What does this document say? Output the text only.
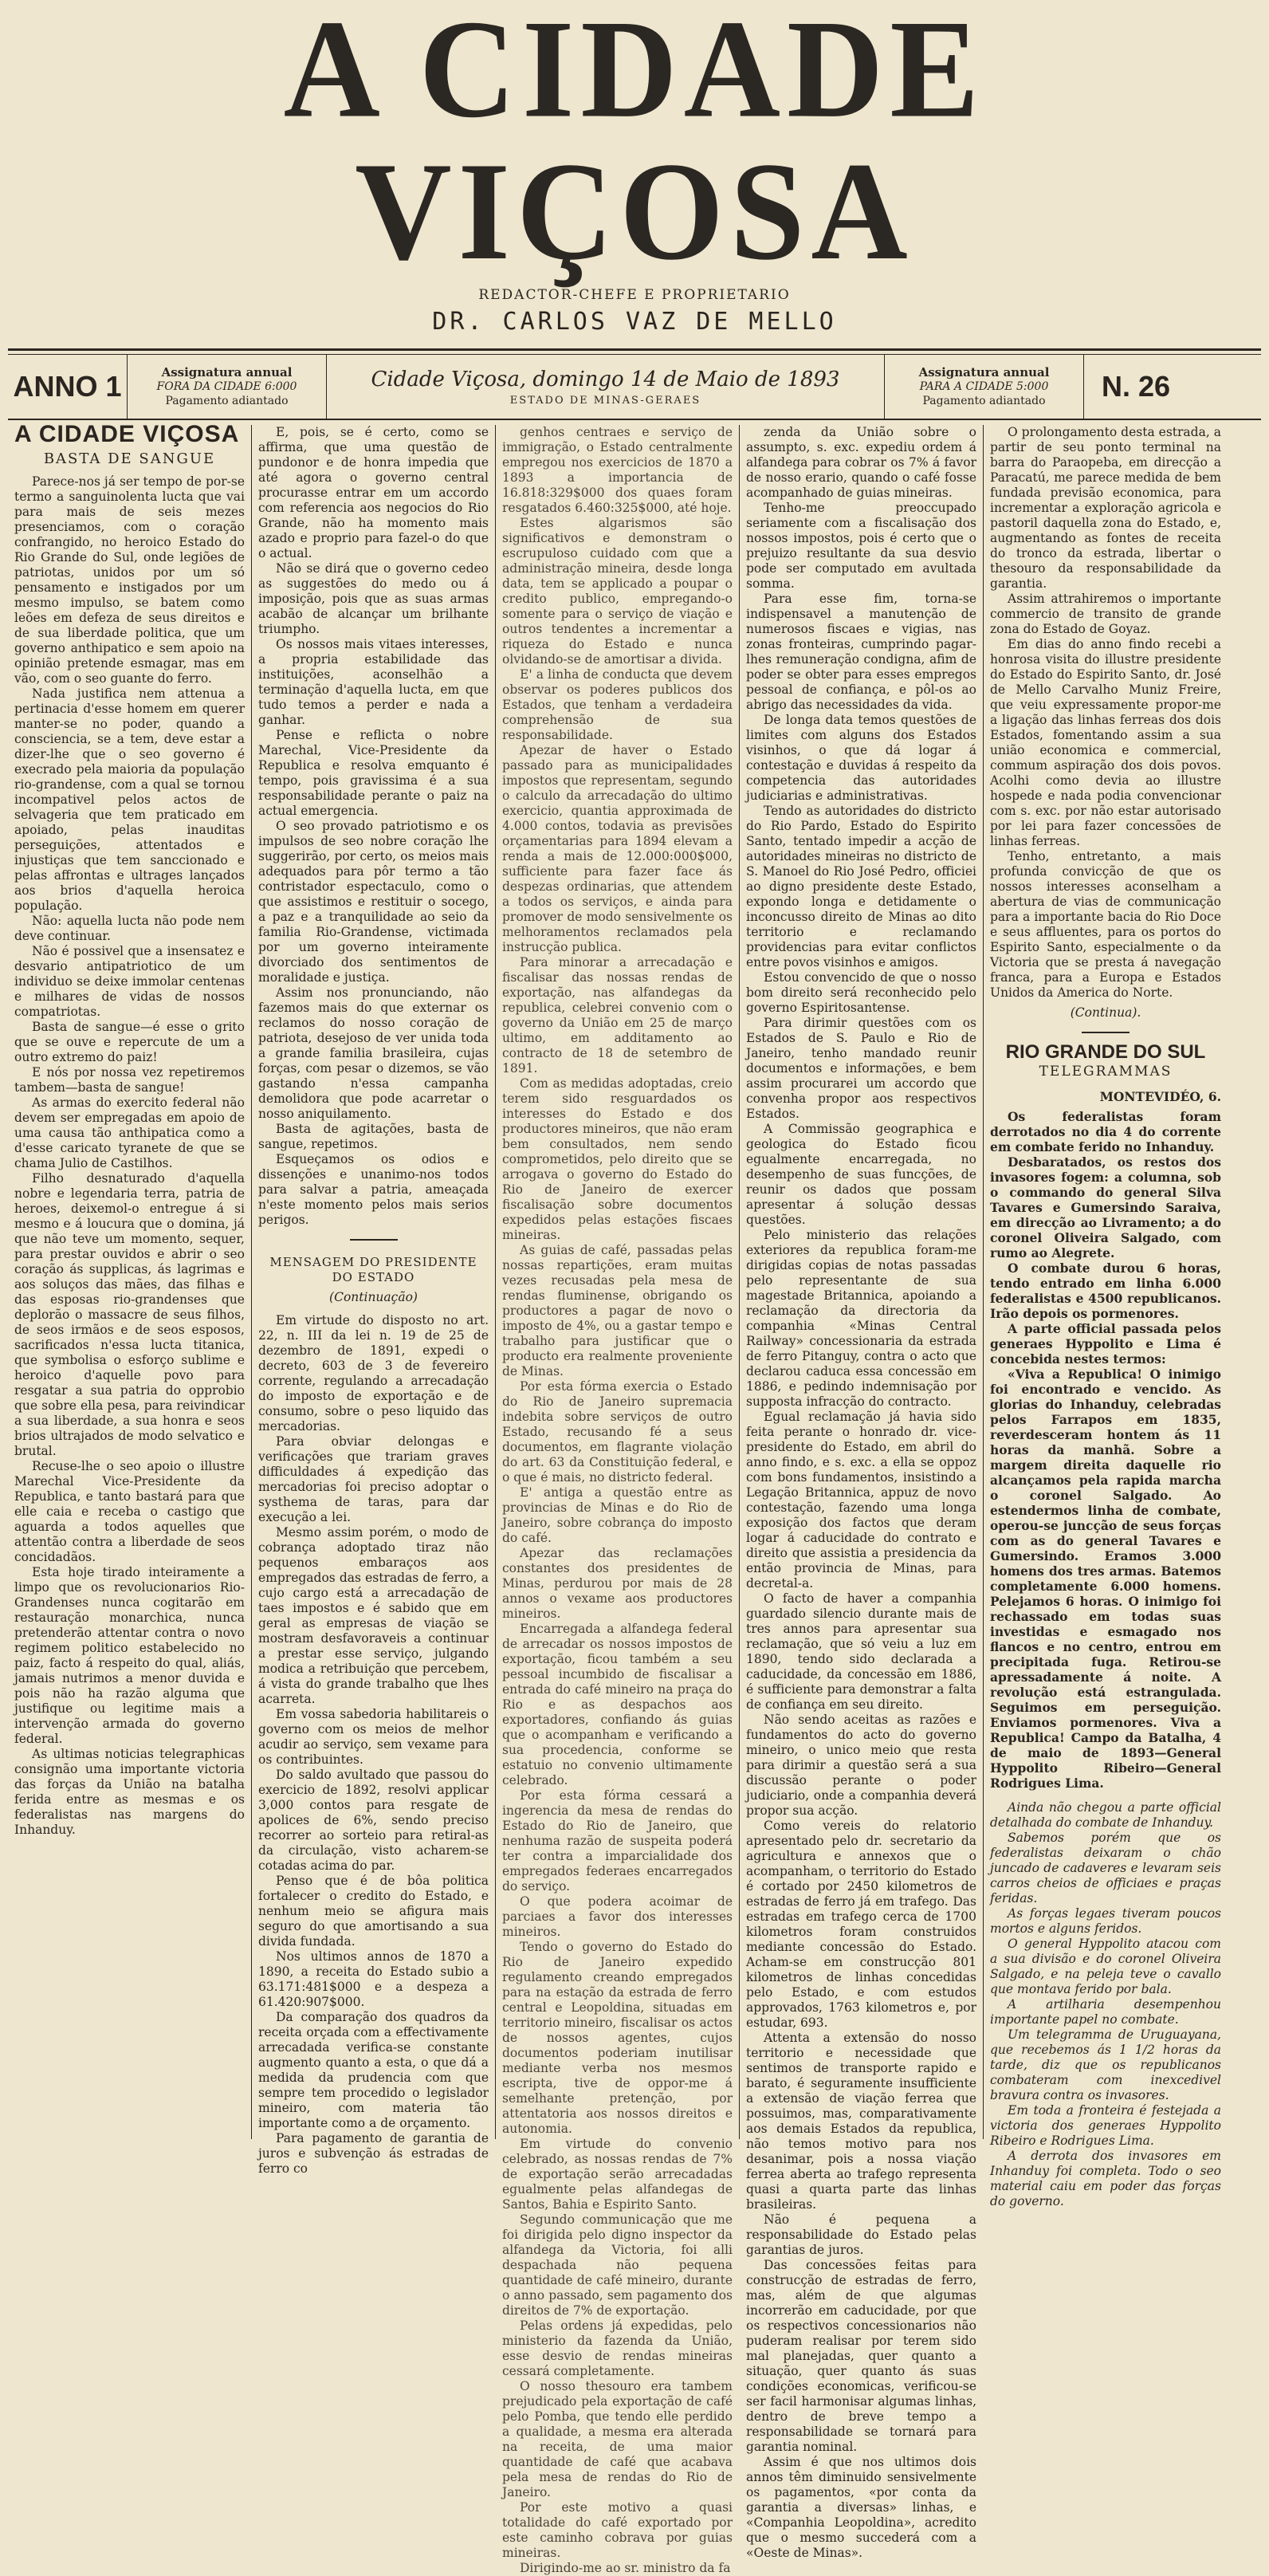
A CIDADE VIÇOSA
REDACTOR-CHEFE E PROPRIETARIO
DR. CARLOS VAZ DE MELLO
ANNO 1	Assignatura annual
FORA DA CIDADE 6:000
Pagamento adiantado
Cidade Viçosa, domingo 14 de Maio de 1893
ESTADO DE MINAS-GERAES
Assignatura annual
PARA A CIDADE 5:000
Pagamento adiantado	N. 26
A CIDADE VIÇOSA
BASTA DE SANGUE

Parece-nos já ser tempo de por-se termo a sanguinolenta lucta que vai para mais de seis mezes presenciamos, com o coração confrangido, no heroico Estado do Rio Grande do Sul, onde legiões de patriotas, unidos por um só pensamento e instigados por um mesmo impulso, se batem como leões em defeza de seus direitos e de sua liberdade politica, que um governo anthipatico e sem apoio na opinião pretende esmagar, mas em vão, com o seo guante do ferro.

Nada justifica nem attenua a pertinacia d'esse homem em querer manter-se no poder, quando a consciencia, se a tem, deve estar a dizer-lhe que o seo governo é execrado pela maioria da população rio-grandense, com a qual se tornou incompativel pelos actos de selvageria que tem praticado em apoiado, pelas inauditas perseguições, attentados e injustiças que tem sanccionado e pelas affrontas e ultrages lançados aos brios d'aquella heroica população.

Não: aquella lucta não pode nem deve continuar.

Não é possivel que a insensatez e desvario antipatriotico de um individuo se deixe immolar centenas e milhares de vidas de nossos compatriotas.

Basta de sangue—é esse o grito que se ouve e repercute de um a outro extremo do paiz!

E nós por nossa vez repetiremos tambem—basta de sangue!

As armas do exercito federal não devem ser empregadas em apoio de uma causa tão anthipatica como a d'esse caricato tyranete de que se chama Julio de Castilhos.

Filho desnaturado d'aquella nobre e legendaria terra, patria de heroes, deixemol-o entregue á si mesmo e á loucura que o domina, já que não teve um momento, sequer, para prestar ouvidos e abrir o seo coração ás supplicas, ás lagrimas e aos soluços das mães, das filhas e das esposas rio-grandenses que deplorão o massacre de seus filhos, de seos irmãos e de seos esposos, sacrificados n'essa lucta titanica, que symbolisa o esforço sublime e heroico d'aquelle povo para resgatar a sua patria do opprobio que sobre ella pesa, para reivindicar a sua liberdade, a sua honra e seos brios ultrajados de modo selvatico e brutal.

Recuse-lhe o seo apoio o illustre Marechal Vice-Presidente da Republica, e tanto bastará para que elle caia e receba o castigo que aguarda a todos aquelles que attentão contra a liberdade de seos concidadãos.

Esta hoje tirado inteiramente a limpo que os revolucionarios Rio-Grandenses nunca cogitarão em restauração monarchica, nunca pretenderão attentar contra o novo regimem politico estabelecido no paiz, facto á respeito do qual, aliás, jamais nutrimos a menor duvida e pois não ha razão alguma que justifique ou legitime mais a intervenção armada do governo federal.

As ultimas noticias telegraphicas consignão uma importante victoria das forças da União na batalha ferida entre as mesmas e os federalistas nas margens do Inhanduy.

E, pois, se é certo, como se affirma, que uma questão de pundonor e de honra impedia que até agora o governo central procurasse entrar em um accordo com referencia aos negocios do Rio Grande, não ha momento mais azado e proprio para fazel-o do que o actual.

Não se dirá que o governo cedeo as suggestões do medo ou á imposição, pois que as suas armas acabão de alcançar um brilhante triumpho.

Os nossos mais vitaes interesses, a propria estabilidade das instituições, aconselhão a terminação d'aquella lucta, em que tudo temos a perder e nada a ganhar.

Pense e reflicta o nobre Marechal, Vice-Presidente da Republica e resolva emquanto é tempo, pois gravissima é a sua responsabilidade perante o paiz na actual emergencia.

O seo provado patriotismo e os impulsos de seo nobre coração lhe suggerirão, por certo, os meios mais adequados para pôr termo a tão contristador espectaculo, como o que assistimos e restituir o socego, a paz e a tranquilidade ao seio da familia Rio-Grandense, victimada por um governo inteiramente divorciado dos sentimentos de moralidade e justiça.

Assim nos pronunciando, não fazemos mais do que externar os reclamos do nosso coração de patriota, desejoso de ver unida toda a grande familia brasileira, cujas forças, com pesar o dizemos, se vão gastando n'essa campanha demolidora que pode acarretar o nosso aniquilamento.

Basta de agitações, basta de sangue, repetimos.

Esqueçamos os odios e dissenções e unanimo-nos todos para salvar a patria, ameaçada n'este momento pelos mais serios perigos.

MENSAGEM DO PRESIDENTE DO ESTADO
(Continuação)

Em virtude do disposto no art. 22, n. III da lei n. 19 de 25 de dezembro de 1891, expedi o decreto, 603 de 3 de fevereiro corrente, regulando a arrecadação do imposto de exportação e de consumo, sobre o peso liquido das mercadorias.

Para obviar delongas e verificações que trariam graves difficuldades á expedição das mercadorias foi preciso adoptar o systhema de taras, para dar execução a lei.

Mesmo assim porém, o modo de cobrança adoptado tiraz não pequenos embaraços aos empregados das estradas de ferro, a cujo cargo está a arrecadação de taes impostos e é sabido que em geral as empresas de viação se mostram desfavoraveis a continuar a prestar esse serviço, julgando modica a retribuição que percebem, á vista do grande trabalho que lhes acarreta.

Em vossa sabedoria habilitareis o governo com os meios de melhor acudir ao serviço, sem vexame para os contribuintes.

Do saldo avultado que passou do exercicio de 1892, resolvi applicar 3,000 contos para resgate de apolices de 6%, sendo preciso recorrer ao sorteio para retiral-as da circulação, visto acharem-se cotadas acima do par.

Penso que é de bôa politica fortalecer o credito do Estado, e nenhum meio se afigura mais seguro do que amortisando a sua divida fundada.

Nos ultimos annos de 1870 a 1890, a receita do Estado subio a 63.171:481$000 e a despeza a 61.420:907$000.

Da comparação dos quadros da receita orçada com a effectivamente arrecadada verifica-se constante augmento quanto a esta, o que dá a medida da prudencia com que sempre tem procedido o legislador mineiro, com materia tão importante como a de orçamento.

Para pagamento de garantia de juros e subvenção ás estradas de ferro co

genhos centraes e serviço de immigração, o Estado centralmente empregou nos exercicios de 1870 a 1893 a importancia de 16.818:329$000 dos quaes foram resgatados 6.460:325$000, até hoje.

Estes algarismos são significativos e demonstram o escrupuloso cuidado com que a administração mineira, desde longa data, tem se applicado a poupar o credito publico, empregando-o somente para o serviço de viação e outros tendentes a incrementar a riqueza do Estado e nunca olvidando-se de amortisar a divida.

E' a linha de conducta que devem observar os poderes publicos dos Estados, que tenham a verdadeira comprehensão de sua responsabilidade.

Apezar de haver o Estado passado para as municipalidades impostos que representam, segundo o calculo da arrecadação do ultimo exercicio, quantia approximada de 4.000 contos, todavia as previsões orçamentarias para 1894 elevam a renda a mais de 12.000:000$000, sufficiente para fazer face ás despezas ordinarias, que attendem a todos os serviços, e ainda para promover de modo sensivelmente os melhoramentos reclamados pela instrucção publica.

Para minorar a arrecadação e fiscalisar das nossas rendas de exportação, nas alfandegas da republica, celebrei convenio com o governo da União em 25 de março ultimo, em additamento ao contracto de 18 de setembro de 1891.

Com as medidas adoptadas, creio terem sido resguardados os interesses do Estado e dos productores mineiros, que não eram bem consultados, nem sendo comprometidos, pelo direito que se arrogava o governo do Estado do Rio de Janeiro de exercer fiscalisação sobre documentos expedidos pelas estações fiscaes mineiras.

As guias de café, passadas pelas nossas repartições, eram muitas vezes recusadas pela mesa de rendas fluminense, obrigando os productores a pagar de novo o imposto de 4%, ou a gastar tempo e trabalho para justificar que o producto era realmente proveniente de Minas.

Por esta fórma exercia o Estado do Rio de Janeiro supremacia indebita sobre serviços de outro Estado, recusando fé a seus documentos, em flagrante violação do art. 63 da Constituição federal, e o que é mais, no districto federal.

E' antiga a questão entre as provincias de Minas e do Rio de Janeiro, sobre cobrança do imposto do café.

Apezar das reclamações constantes dos presidentes de Minas, perdurou por mais de 28 annos o vexame aos productores mineiros.

Encarregada a alfandega federal de arrecadar os nossos impostos de exportação, ficou também a seu pessoal incumbido de fiscalisar a entrada do café mineiro na praça do Rio e as despachos aos exportadores, confiando ás guias que o acompanham e verificando a sua procedencia, conforme se estatuio no convenio ultimamente celebrado.

Por esta fórma cessará a ingerencia da mesa de rendas do Estado do Rio de Janeiro, que nenhuma razão de suspeita poderá ter contra a imparcialidade dos empregados federaes encarregados do serviço.

O que podera acoimar de parciaes a favor dos interesses mineiros.

Tendo o governo do Estado do Rio de Janeiro expedido regulamento creando empregados para na estação da estrada de ferro central e Leopoldina, situadas em territorio mineiro, fiscalisar os actos de nossos agentes, cujos documentos poderiam inutilisar mediante verba nos mesmos escripta, tive de oppor-me á semelhante pretenção, por attentatoria aos nossos direitos e autonomia.

Em virtude do convenio celebrado, as nossas rendas de 7% de exportação serão arrecadadas egualmente pelas alfandegas de Santos, Bahia e Espirito Santo.

Segundo communicação que me foi dirigida pelo digno inspector da alfandega da Victoria, foi alli despachada não pequena quantidade de café mineiro, durante o anno passado, sem pagamento dos direitos de 7% de exportação.

Pelas ordens já expedidas, pelo ministerio da fazenda da União, esse desvio de rendas mineiras cessará completamente.

O nosso thesouro era tambem prejudicado pela exportação de café pelo Pomba, que tendo elle perdido a qualidade, a mesma era alterada na receita, de uma maior quantidade de café que acabava pela mesa de rendas do Rio de Janeiro.

Por este motivo a quasi totalidade do café exportado por este caminho cobrava por guias mineiras.

Dirigindo-me ao sr. ministro da fa

zenda da União sobre o assumpto, s. exc. expediu ordem á alfandega para cobrar os 7% á favor de nosso erario, quando o café fosse acompanhado de guias mineiras.

Tenho-me preoccupado seriamente com a fiscalisação dos nossos impostos, pois é certo que o prejuizo resultante da sua desvio pode ser computado em avultada somma.

Para esse fim, torna-se indispensavel a manutenção de numerosos fiscaes e vigias, nas zonas fronteiras, cumprindo pagar-lhes remuneração condigna, afim de poder se obter para esses empregos pessoal de confiança, e pôl-os ao abrigo das necessidades da vida.

De longa data temos questões de limites com alguns dos Estados visinhos, o que dá logar á contestação e duvidas á respeito da competencia das autoridades judiciarias e administrativas.

Tendo as autoridades do districto do Rio Pardo, Estado do Espirito Santo, tentado impedir a acção de autoridades mineiras no districto de S. Manoel do Rio José Pedro, officiei ao digno presidente deste Estado, expondo longa e detidamente o inconcusso direito de Minas ao dito territorio e reclamando providencias para evitar conflictos entre povos visinhos e amigos.

Estou convencido de que o nosso bom direito será reconhecido pelo governo Espiritosantense.

Para dirimir questões com os Estados de S. Paulo e Rio de Janeiro, tenho mandado reunir documentos e informações, e bem assim procurarei um accordo que convenha propor aos respectivos Estados.

A Commissão geographica e geologica do Estado ficou egualmente encarregada, no desempenho de suas funcções, de reunir os dados que possam apresentar á solução dessas questões.

Pelo ministerio das relações exteriores da republica foram-me dirigidas copias de notas passadas pelo representante de sua magestade Britannica, apoiando a reclamação da directoria da companhia «Minas Central Railway» concessionaria da estrada de ferro Pitanguy, contra o acto que declarou caduca essa concessão em 1886, e pedindo indemnisação por supposta infracção do contracto.

Egual reclamação já havia sido feita perante o honrado dr. vice-presidente do Estado, em abril do anno findo, e s. exc. a ella se oppoz com bons fundamentos, insistindo a Legação Britannica, appuz de novo contestação, fazendo uma longa exposição dos factos que deram logar á caducidade do contrato e direito que assistia a presidencia da então provincia de Minas, para decretal-a.

O facto de haver a companhia guardado silencio durante mais de tres annos para apresentar sua reclamação, que só veiu a luz em 1890, tendo sido declarada a caducidade, da concessão em 1886, é sufficiente para demonstrar a falta de confiança em seu direito.

Não sendo aceitas as razões e fundamentos do acto do governo mineiro, o unico meio que resta para dirimir a questão será a sua discussão perante o poder judiciario, onde a companhia deverá propor sua acção.

Como vereis do relatorio apresentado pelo dr. secretario da agricultura e annexos que o acompanham, o territorio do Estado é cortado por 2450 kilometros de estradas de ferro já em trafego. Das estradas em trafego cerca de 1700 kilometros foram construidos mediante concessão do Estado. Acham-se em construcção 801 kilometros de linhas concedidas pelo Estado, e com estudos approvados, 1763 kilometros e, por estudar, 693.

Attenta a extensão do nosso territorio e necessidade que sentimos de transporte rapido e barato, é seguramente insufficiente a extensão de viação ferrea que possuimos, mas, comparativamente aos demais Estados da republica, não temos motivo para nos desanimar, pois a nossa viação ferrea aberta ao trafego representa quasi a quarta parte das linhas brasileiras.

Não é pequena a responsabilidade do Estado pelas garantias de juros.

Das concessões feitas para construcção de estradas de ferro, mas, além de que algumas incorrerão em caducidade, por que os respectivos concessionarios não puderam realisar por terem sido mal planejadas, quer quanto a situação, quer quanto ás suas condições economicas, verificou-se ser facil harmonisar algumas linhas, dentro de breve tempo a responsabilidade se tornará para garantia nominal.

Assim é que nos ultimos dois annos têm diminuido sensivelmente os pagamentos, «por conta da garantia a diversas» linhas, e «Companhia Leopoldina», acredito que o mesmo succederá com a «Oeste de Minas».

O prolongamento desta estrada, a partir de seu ponto terminal na barra do Paraopeba, em direcção a Paracatú, me parece medida de bem fundada previsão economica, para incrementar a exploração agricola e pastoril daquella zona do Estado, e, augmentando as fontes de receita do tronco da estrada, libertar o thesouro da responsabilidade da garantia.

Assim attrahiremos o importante commercio de transito de grande zona do Estado de Goyaz.

Em dias do anno findo recebi a honrosa visita do illustre presidente do Estado do Espirito Santo, dr. José de Mello Carvalho Muniz Freire, que veiu expressamente propor-me a ligação das linhas ferreas dos dois Estados, fomentando assim a sua união economica e commercial, commum aspiração dos dois povos. Acolhi como devia ao illustre hospede e nada podia convencionar com s. exc. por não estar autorisado por lei para fazer concessões de linhas ferreas.

Tenho, entretanto, a mais profunda convicção de que os nossos interesses aconselham a abertura de vias de communicação para a importante bacia do Rio Doce e seus affluentes, para os portos do Espirito Santo, especialmente o da Victoria que se presta á navegação franca, para a Europa e Estados Unidos da America do Norte.

(Continua).
RIO GRANDE DO SUL
TELEGRAMMAS
MONTEVIDÉO, 6.

Os federalistas foram derrotados no dia 4 do corrente em combate ferido no Inhanduy.

Desbaratados, os restos dos invasores fogem: a columna, sob o commando do general Silva Tavares e Gumersindo Saraiva, em direcção ao Livramento; a do coronel Oliveira Salgado, com rumo ao Alegrete.

O combate durou 6 horas, tendo entrado em linha 6.000 federalistas e 4500 republicanos. Irão depois os pormenores.

A parte official passada pelos generaes Hyppolito e Lima é concebida nestes termos:

«Viva a Republica! O inimigo foi encontrado e vencido. As glorias do Inhanduy, celebradas pelos Farrapos em 1835, reverdesceram hontem ás 11 horas da manhã. Sobre a margem direita daquelle rio alcançamos pela rapida marcha o coronel Salgado. Ao estendermos linha de combate, operou-se juncção de seus forças com as do general Tavares e Gumersindo. Eramos 3.000 homens dos tres armas. Batemos completamente 6.000 homens. Pelejamos 6 horas. O inimigo foi rechassado em todas suas investidas e esmagado nos flancos e no centro, entrou em precipitada fuga. Retirou-se apressadamente á noite. A revolução está estrangulada. Seguimos em perseguição. Enviamos pormenores. Viva a Republica! Campo da Batalha, 4 de maio de 1893—General Hyppolito Ribeiro—General Rodrigues Lima.

Ainda não chegou a parte official detalhada do combate de Inhanduy.

Sabemos porém que os federalistas deixaram o chão juncado de cadaveres e levaram seis carros cheios de officiaes e praças feridas.

As forças legaes tiveram poucos mortos e alguns feridos.

O general Hyppolito atacou com a sua divisão e do coronel Oliveira Salgado, e na peleja teve o cavallo que montava ferido por bala.

A artilharia desempenhou importante papel no combate.

Um telegramma de Uruguayana, que recebemos ás 1 1/2 horas da tarde, diz que os republicanos combateram com inexcedivel bravura contra os invasores.

Em toda a fronteira é festejada a victoria dos generaes Hyppolito Ribeiro e Rodrigues Lima.

A derrota dos invasores em Inhanduy foi completa. Todo o seo material caiu em poder das forças do governo.
